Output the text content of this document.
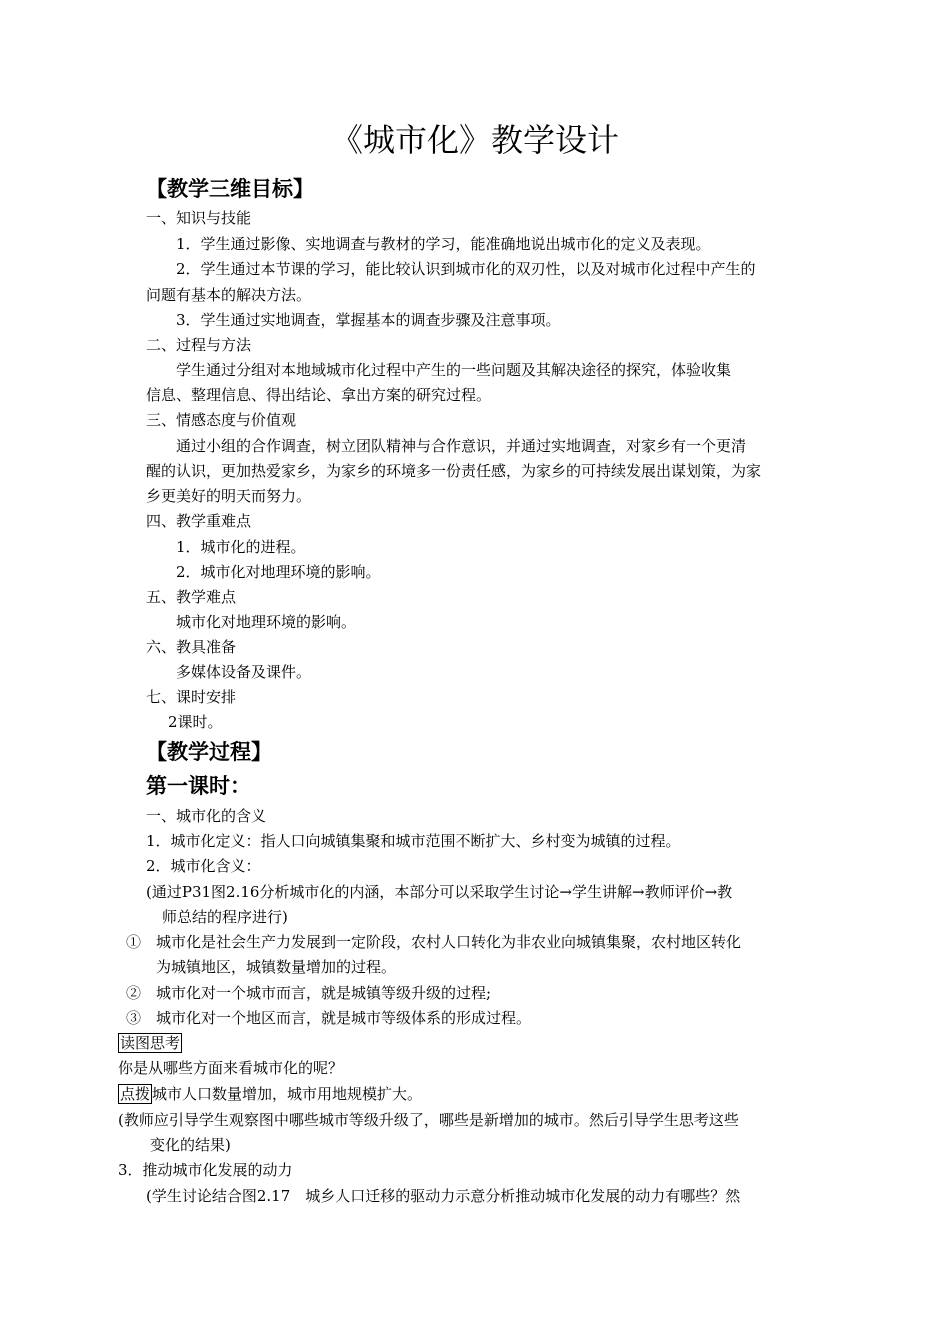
《城市化》教学设计
【教学三维目标】
一、知识与技能
1．学生通过影像、实地调查与教材的学习，能准确地说出城市化的定义及表现。
2．学生通过本节课的学习，能比较认识到城市化的双刃性，以及对城市化过程中产生的
问题有基本的解决方法。
3．学生通过实地调查，掌握基本的调查步骤及注意事项。
二、过程与方法
学生通过分组对本地域城市化过程中产生的一些问题及其解决途径的探究，体验收集
信息、整理信息、得出结论、拿出方案的研究过程。
三、情感态度与价值观
通过小组的合作调查，树立团队精神与合作意识，并通过实地调查，对家乡有一个更清
醒的认识，更加热爱家乡，为家乡的环境多一份责任感，为家乡的可持续发展出谋划策，为家
乡更美好的明天而努力。
四、教学重难点
1．城市化的进程。
2．城市化对地理环境的影响。
五、教学难点
城市化对地理环境的影响。
六、教具准备
多媒体设备及课件。
七、课时安排
2课时。
【教学过程】
第一课时：
一、城市化的含义
1．城市化定义：指人口向城镇集聚和城市范围不断扩大、乡村变为城镇的过程。
2．城市化含义：
(通过P31图2.16分析城市化的内涵，本部分可以采取学生讨论→学生讲解→教师评价→教
师总结的程序进行)
①　城市化是社会生产力发展到一定阶段，农村人口转化为非农业向城镇集聚，农村地区转化
为城镇地区，城镇数量增加的过程。
②　城市化对一个城市而言，就是城镇等级升级的过程;
③　城市化对一个地区而言，就是城市等级体系的形成过程。
读图思考
你是从哪些方面来看城市化的呢？
点拨 城市人口数量增加，城市用地规模扩大。
(教师应引导学生观察图中哪些城市等级升级了，哪些是新增加的城市。然后引导学生思考这些
变化的结果)
3．推动城市化发展的动力
(学生讨论结合图2.17　城乡人口迁移的驱动力示意分析推动城市化发展的动力有哪些？然
